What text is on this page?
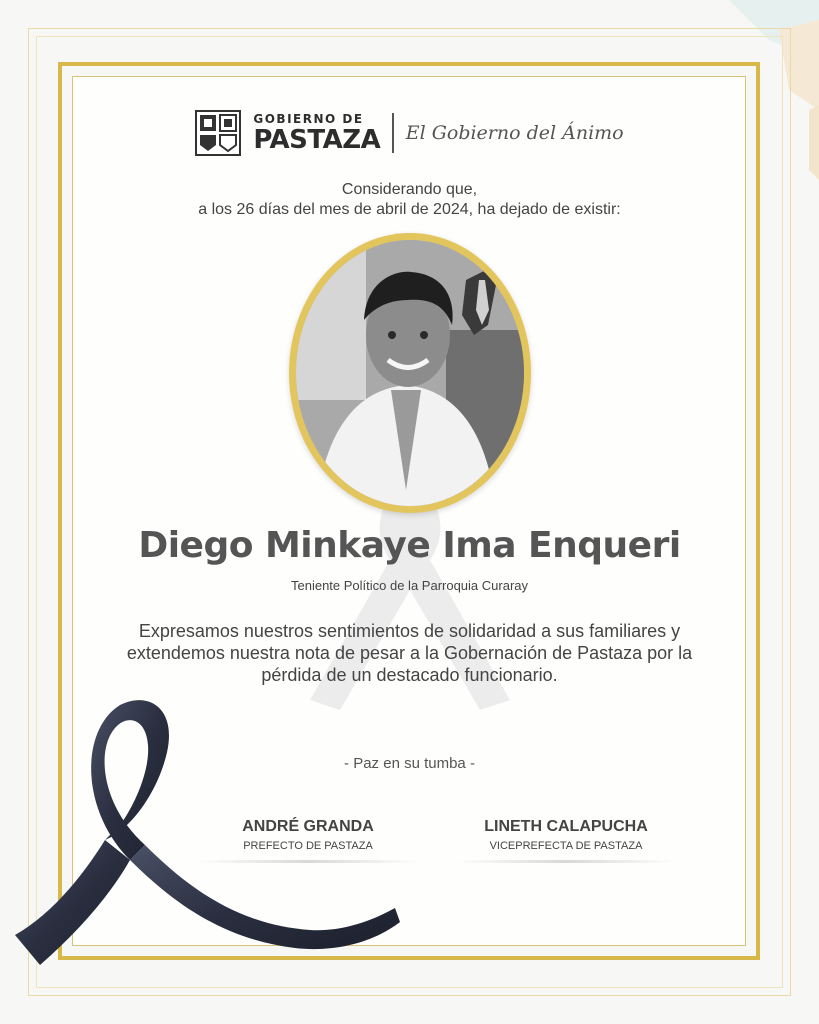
GOBIERNO DE
PASTAZA El Gobierno del Ánimo
Considerando que,
a los 26 días del mes de abril de 2024, ha dejado de existir:
Diego Minkaye Ima Enqueri
Teniente Político de la Parroquia Curaray
Expresamos nuestros sentimientos de solidaridad a sus familiares y extendemos nuestra nota de pesar a la Gobernación de Pastaza por la pérdida de un destacado funcionario.
- Paz en su tumba -
ANDRÉ GRANDA
PREFECTO DE PASTAZA
LINETH CALAPUCHA
VICEPREFECTA DE PASTAZA
